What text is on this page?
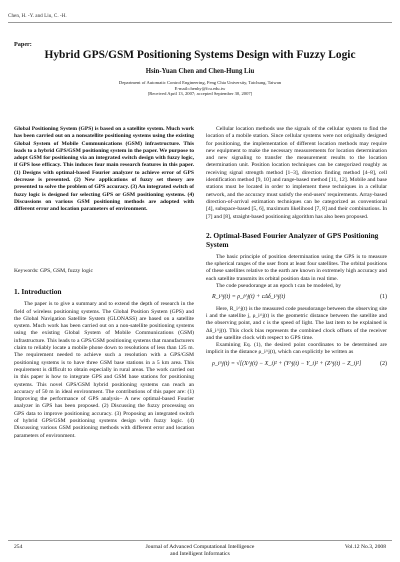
Chen, H. -Y. and Liu, C. -H.
Paper:
Hybrid GPS/GSM Positioning Systems Design with Fuzzy Logic
Hsin-Yuan Chen and Chen-Hung Liu
Department of Automatic Control Engineering, Feng Chia University, Taichung, Taiwan
E-mail:chenhy@fcu.edu.tw
[Received April 13, 2007; accepted September 30, 2007]
Global Positioning System (GPS) is based on a satellite system. Much work has been carried out on a nonsatellite positioning systems using the existing Global System of Mobile Communications (GSM) infrastructure. This leads to a hybrid GPS/GSM positioning system in the paper. We purpose to adopt GSM for positioning via an integrated switch design with fuzzy logic, if GPS lose efficacy. This induces four main research features in this paper. (1) Designs with optimal-based Fourier analyzer to achieve error of GPS decrease is presented. (2) New applications of fuzzy set theory are presented to solve the problem of GPS accuracy. (3) An integrated switch of fuzzy logic is designed for selecting GPS or GSM positioning systems. (4) Discussions on various GSM positioning methods are adopted with different error and location parameters of environment.
Keywords: GPS, GSM, fuzzy logic
1. Introduction
The paper is to give a summary and to extend the depth of research in the field of wireless positioning systems. The Global Position System (GPS) and the Global Navigation Satellite System (GLONASS) are based on a satellite system. Much work has been carried out on a non-satellite positioning systems using the existing Global System of Mobile Communications (GSM) infrastructure. This leads to a GPS/GSM positioning systems that manufacturers claim to reliably locate a mobile phone down to resolutions of less than 125 m. The requirement needed to achieve such a resolution with a GPS/GSM positioning systems is to have three GSM base stations in a 5 km area. This requirement is difficult to obtain especially in rural areas. The work carried out in this paper is how to integrate GPS and GSM base stations for positioning systems. This novel GPS/GSM hybrid positioning systems can reach an accuracy of 50 m in ideal environment. The contributions of this paper are: (1) Improving the performance of GPS analysis– A new optimal-based Fourier analyzer in GPS has been proposed. (2) Discussing the fuzzy processing on GPS data to improve positioning accuracy. (3) Proposing an integrated switch of hybrid GPS/GSM positioning systems design with fuzzy logic. (4) Discussing various GSM positioning methods with different error and location parameters of environment.
Cellular location methods use the signals of the cellular system to find the location of a mobile station. Since cellular systems were not originally designed for positioning, the implementation of different location methods may require new equipment to make the necessary measurements for location determination and new signaling to transfer the measurement results to the location determination unit. Position location techniques can be categorized roughly as receiving signal strength method [1–3], direction finding method [4–8], cell identification method [9, 10] and range-based method [11, 12]. Mobile and base stations must be located in order to implement these techniques in a cellular network, and the accuracy must satisfy the end-users' requirements. Array-based direction-of-arrival estimation techniques can be categorized as conventional [4], subspace-based [5, 6], maximum likelihood [7, 8] and their combinations. In [7] and [8], straight-based positioning algorithm has also been proposed.
2. Optimal-Based Fourier Analyzer of GPS Positioning System
The basic principle of position determination using the GPS is to measure the spherical ranges of the user from at least four satellites. The orbital positions of these satellites relative to the earth are known in extremely high accuracy and each satellite transmits its orbital position data in real time.
The code pseudorange at an epoch t can be modeled, by
R_i^j(t) = ρ_i^j(t) + cΔδ_i^j(t)	(1)
Here, R_i^j(t) is the measured code pseudorange between the observing site i and the satellite j, ρ_i^j(t) is the geometric distance between the satellite and the observing point, and c is the speed of light. The last item to be explained is Δδ_i^j(t). This clock bias represents the combined clock offsets of the receiver and the satellite clock with respect to GPS time.
Examining Eq. (1), the desired point coordinates to be determined are implicit in the distance ρ_i^j(t), which can explicitly be written as
ρ_i^j(t) = √[(X^j(t) − X_i)² + (Y^j(t) − Y_i)² + (Z^j(t) − Z_i)²]	(2)
254	Journal of Advanced Computational Intelligence
and Intelligent Informatics
Vol.12 No.3, 2008
